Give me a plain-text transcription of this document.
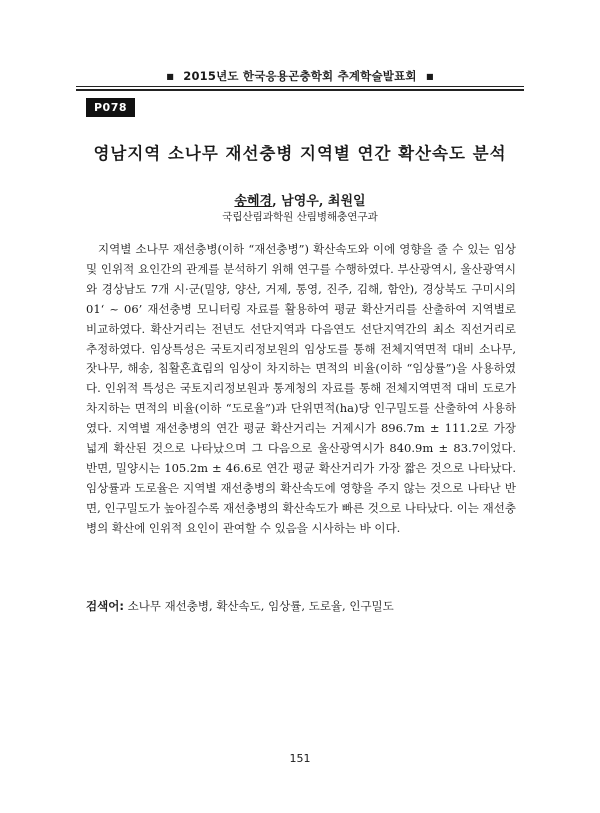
■ 2015년도 한국응용곤충학회 추계학술발표회 ■
P078
영남지역 소나무 재선충병 지역별 연간 확산속도 분석
송혜경, 남영우, 최원일
국립산림과학원 산림병해충연구과

지역별 소나무 재선충병(이하 “재선충병”) 확산속도와 이에 영향을 줄 수 있는 임상 및 인위적 요인간의 관계를 분석하기 위해 연구를 수행하였다. 부산광역시, 울산광역시와 경상남도 7개 시·군(밀양, 양산, 거제, 통영, 진주, 김해, 함안), 경상북도 구미시의 01‘ ~ 06’ 재선충병 모니터링 자료를 활용하여 평균 확산거리를 산출하여 지역별로 비교하였다. 확산거리는 전년도 선단지역과 다음연도 선단지역간의 최소 직선거리로 추정하였다. 임상특성은 국토지리정보원의 임상도를 통해 전체지역면적 대비 소나무, 잣나무, 해송, 침활혼효림의 임상이 차지하는 면적의 비율(이하 “임상률”)을 사용하였다. 인위적 특성은 국토지리정보원과 통계청의 자료를 통해 전체지역면적 대비 도로가 차지하는 면적의 비율(이하 “도로율”)과 단위면적(ha)당 인구밀도를 산출하여 사용하였다. 지역별 재선충병의 연간 평균 확산거리는 거제시가 896.7m ± 111.2로 가장 넓게 확산된 것으로 나타났으며 그 다음으로 울산광역시가 840.9m ± 83.7이었다. 반면, 밀양시는 105.2m ± 46.6로 연간 평균 확산거리가 가장 짧은 것으로 나타났다. 임상률과 도로율은 지역별 재선충병의 확산속도에 영향을 주지 않는 것으로 나타난 반면, 인구밀도가 높아질수록 재선충병의 확산속도가 빠른 것으로 나타났다. 이는 재선충병의 확산에 인위적 요인이 관여할 수 있음을 시사하는 바 이다.

검색어: 소나무 재선충병, 확산속도, 임상률, 도로율, 인구밀도
151
